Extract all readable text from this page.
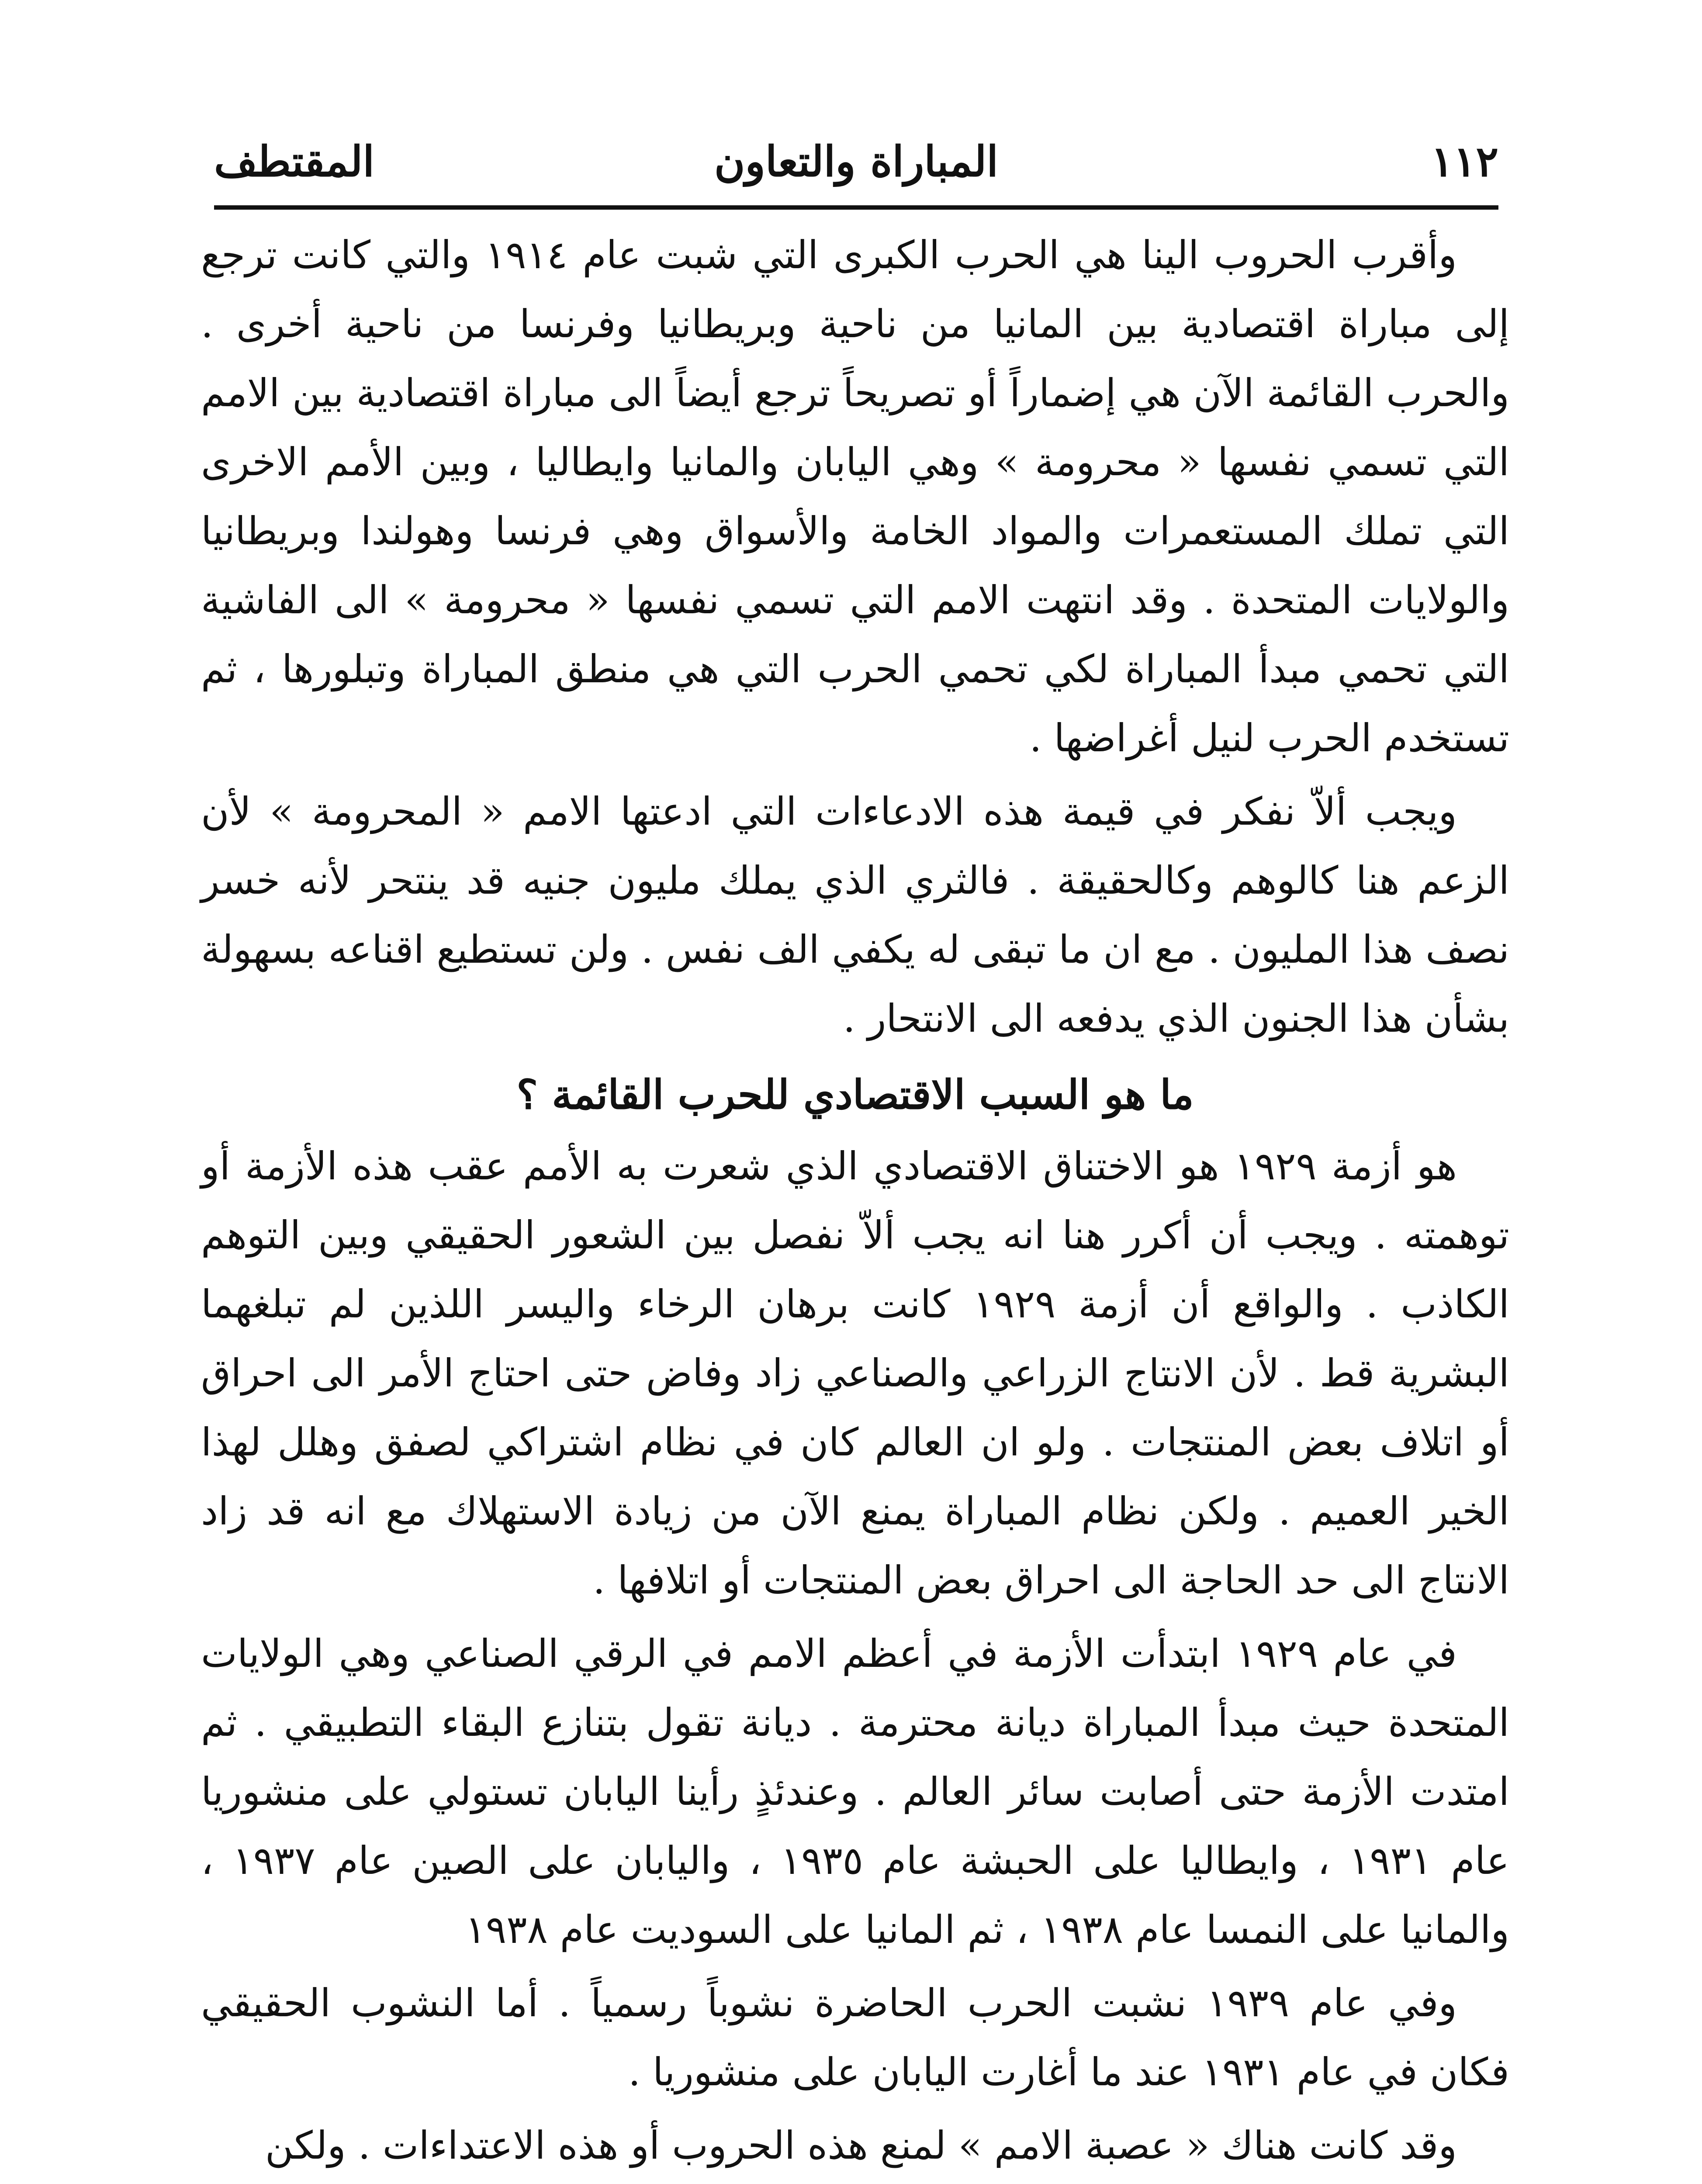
١١٢
المباراة والتعاون
المقتطف

وأقرب الحروب الينا هي الحرب الكبرى التي شبت عام ١٩١٤ والتي كانت ترجع إلى مباراة اقتصادية بين المانيا من ناحية وبريطانيا وفرنسا من ناحية أخرى . والحرب القائمة الآن هي إضماراً أو تصريحاً ترجع أيضاً الى مباراة اقتصادية بين الامم التي تسمي نفسها « محرومة » وهي اليابان والمانيا وايطاليا ، وبين الأمم الاخرى التي تملك المستعمرات والمواد الخامة والأسواق وهي فرنسا وهولندا وبريطانيا والولايات المتحدة . وقد انتهت الامم التي تسمي نفسها « محرومة » الى الفاشية التي تحمي مبدأ المباراة لكي تحمي الحرب التي هي منطق المباراة وتبلورها ، ثم تستخدم الحرب لنيل أغراضها .

ويجب ألاّ نفكر في قيمة هذه الادعاءات التي ادعتها الامم « المحرومة » لأن الزعم هنا كالوهم وكالحقيقة . فالثري الذي يملك مليون جنيه قد ينتحر لأنه خسر نصف هذا المليون . مع ان ما تبقى له يكفي الف نفس . ولن تستطيع اقناعه بسهولة بشأن هذا الجنون الذي يدفعه الى الانتحار .

ما هو السبب الاقتصادي للحرب القائمة ؟

هو أزمة ١٩٢٩ هو الاختناق الاقتصادي الذي شعرت به الأمم عقب هذه الأزمة أو توهمته . ويجب أن أكرر هنا انه يجب ألاّ نفصل بين الشعور الحقيقي وبين التوهم الكاذب . والواقع أن أزمة ١٩٢٩ كانت برهان الرخاء واليسر اللذين لم تبلغهما البشرية قط . لأن الانتاج الزراعي والصناعي زاد وفاض حتى احتاج الأمر الى احراق أو اتلاف بعض المنتجات . ولو ان العالم كان في نظام اشتراكي لصفق وهلل لهذا الخير العميم . ولكن نظام المباراة يمنع الآن من زيادة الاستهلاك مع انه قد زاد الانتاج الى حد الحاجة الى احراق بعض المنتجات أو اتلافها .

في عام ١٩٢٩ ابتدأت الأزمة في أعظم الامم في الرقي الصناعي وهي الولايات المتحدة حيث مبدأ المباراة ديانة محترمة . ديانة تقول بتنازع البقاء التطبيقي . ثم امتدت الأزمة حتى أصابت سائر العالم . وعندئذٍ رأينا اليابان تستولي على منشوريا عام ١٩٣١ ، وايطاليا على الحبشة عام ١٩٣٥ ، واليابان على الصين عام ١٩٣٧ ، والمانيا على النمسا عام ١٩٣٨ ، ثم المانيا على السوديت عام ١٩٣٨

وفي عام ١٩٣٩ نشبت الحرب الحاضرة نشوباً رسمياً . أما النشوب الحقيقي فكان في عام ١٩٣١ عند ما أغارت اليابان على منشوريا .

وقد كانت هناك « عصبة الامم » لمنع هذه الحروب أو هذه الاعتداءات . ولكن
